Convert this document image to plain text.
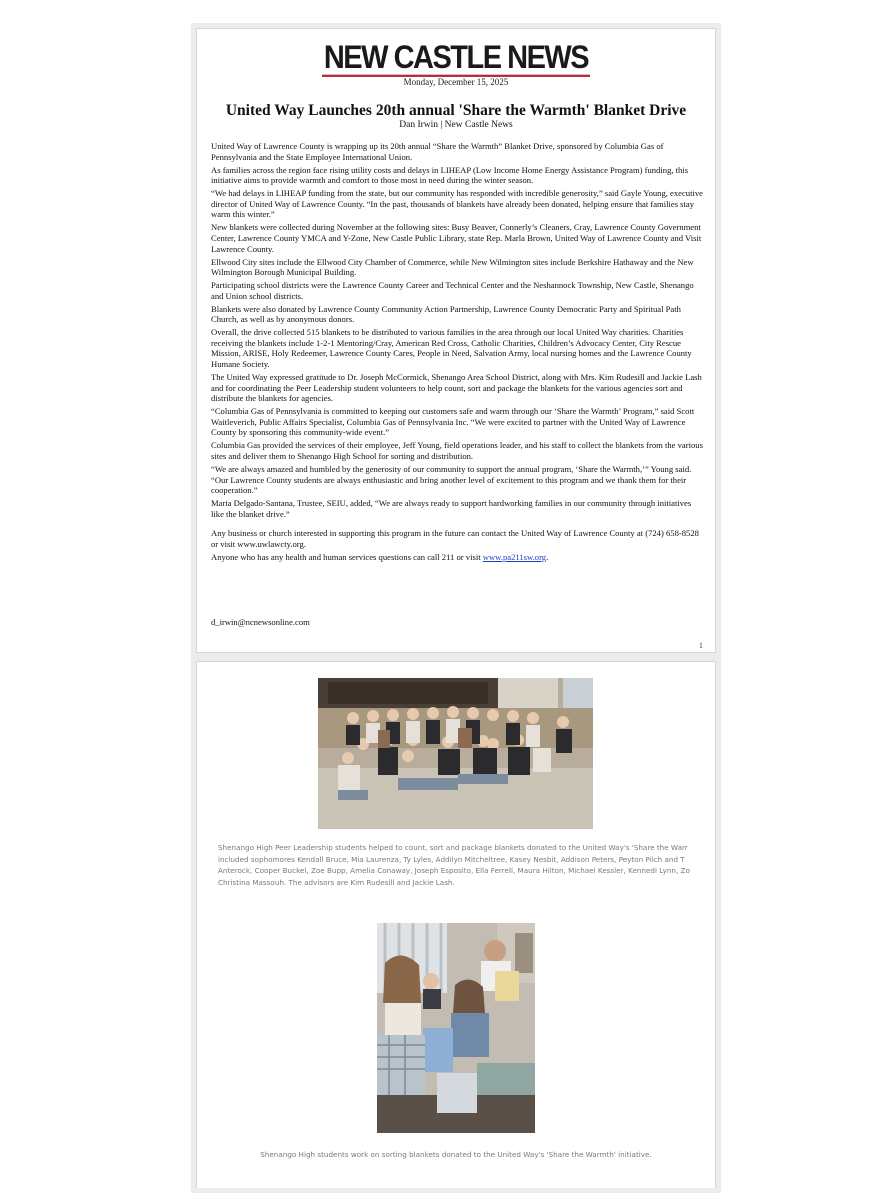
NEW CASTLE NEWS
Monday, December 15, 2025
United Way Launches 20th annual 'Share the Warmth' Blanket Drive
Dan Irwin | New Castle News

United Way of Lawrence County is wrapping up its 20th annual “Share the Warmth” Blanket Drive, sponsored by Columbia Gas of Pennsylvania and the State Employee International Union.

As families across the region face rising utility costs and delays in LIHEAP (Low Income Home Energy Assistance Program) funding, this initiative aims to provide warmth and comfort to those most in need during the winter season.

“We had delays in LIHEAP funding from the state, but our community has responded with incredible generosity,” said Gayle Young, executive director of United Way of Lawrence County. “In the past, thousands of blankets have already been donated, helping ensure that families stay warm this winter.”

New blankets were collected during November at the following sites: Busy Beaver, Connerly’s Cleaners, Cray, Lawrence County Government Center, Lawrence County YMCA and Y-Zone, New Castle Public Library, state Rep. Marla Brown, United Way of Lawrence County and Visit Lawrence County.

Ellwood City sites include the Ellwood City Chamber of Commerce, while New Wilmington sites include Berkshire Hathaway and the New Wilmington Borough Municipal Building.

Participating school districts were the Lawrence County Career and Technical Center and the Neshannock Township, New Castle, Shenango and Union school districts.

Blankets were also donated by Lawrence County Community Action Partnership, Lawrence County Democratic Party and Spiritual Path Church, as well as by anonymous donors.

Overall, the drive collected 515 blankets to be distributed to various families in the area through our local United Way charities. Charities receiving the blankets include 1-2-1 Mentoring/Cray, American Red Cross, Catholic Charities, Children’s Advocacy Center, City Rescue Mission, ARISE, Holy Redeemer, Lawrence County Cares, People in Need, Salvation Army, local nursing homes and the Lawrence County Humane Society.

The United Way expressed gratitude to Dr. Joseph McCormick, Shenango Area School District, along with Mrs. Kim Rudesill and Jackie Lash and for coordinating the Peer Leadership student volunteers to help count, sort and package the blankets for the various agencies sort and distribute the blankets for agencies.

“Columbia Gas of Pennsylvania is committed to keeping our customers safe and warm through our ‘Share the Warmth’ Program,” said Scott Waitleverich, Public Affairs Specialist, Columbia Gas of Pennsylvania Inc. “We were excited to partner with the United Way of Lawrence County by sponsoring this community-wide event.”

Columbia Gas provided the services of their employee, Jeff Young, field operations leader, and his staff to collect the blankets from the various sites and deliver them to Shenango High School for sorting and distribution.

“We are always amazed and humbled by the generosity of our community to support the annual program, ‘Share the Warmth,’” Young said. “Our Lawrence County students are always enthusiastic and bring another level of excitement to this program and we thank them for their cooperation.”

Maria Delgado-Santana, Trustee, SEIU, added, “We are always ready to support hardworking families in our community through initiatives like the blanket drive.”

Any business or church interested in supporting this program in the future can contact the United Way of Lawrence County at (724) 658-8528 or visit www.uwlawcty.org.

Anyone who has any health and human services questions can call 211 or visit www.pa211sw.org.

d_irwin@ncnewsonline.com
1
Shenango High Peer Leadership students helped to count, sort and package blankets donated to the United Way's 'Share the Warr
included sophomores Kendall Bruce, Mia Laurenza, Ty Lyles, Addilyn Mitcheltree, Kasey Nesbit, Addison Peters, Peyton Pilch and T
Anterock, Cooper Buckel, Zoe Bupp, Amelia Conaway, Joseph Esposito, Ella Ferrell, Maura Hilton, Michael Kessler, Kennedi Lynn, Zo
Christina Massouh. The advisors are Kim Rudesill and Jackie Lash.
Shenango High students work on sorting blankets donated to the United Way's 'Share the Warmth' initiative.
